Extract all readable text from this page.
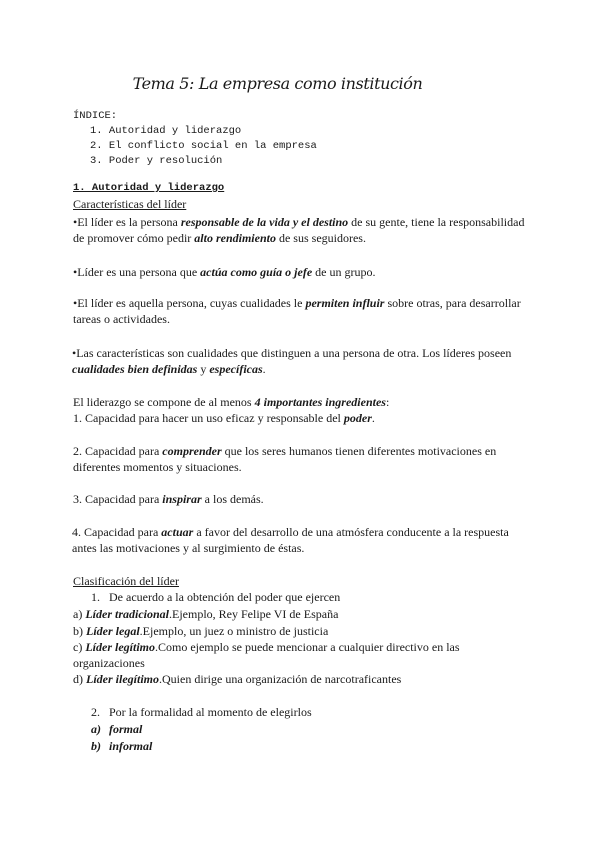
Tema 5: La empresa como institución
ÍNDICE:
1. Autoridad y liderazgo
2. El conflicto social en la empresa
3. Poder y resolución
1. Autoridad y liderazgo
Características del líder
•El líder es la persona responsable de la vida y el destino de su gente, tiene la responsabilidad de promover cómo pedir alto rendimiento de sus seguidores.
•Líder es una persona que actúa como guía o jefe de un grupo.
•El líder es aquella persona, cuyas cualidades le permiten influir sobre otras, para desarrollar tareas o actividades.
•Las características son cualidades que distinguen a una persona de otra. Los líderes poseen cualidades bien definidas y específicas.
El liderazgo se compone de al menos 4 importantes ingredientes:
1. Capacidad para hacer un uso eficaz y responsable del poder.
2. Capacidad para comprender que los seres humanos tienen diferentes motivaciones en diferentes momentos y situaciones.
3. Capacidad para inspirar a los demás.
4. Capacidad para actuar a favor del desarrollo de una atmósfera conducente a la respuesta antes las motivaciones y al surgimiento de éstas.
Clasificación del líder
1. De acuerdo a la obtención del poder que ejercen
a) Líder tradicional.Ejemplo, Rey Felipe VI de España
b) Líder legal.Ejemplo, un juez o ministro de justicia
c) Líder legítimo.Como ejemplo se puede mencionar a cualquier directivo en las organizaciones
d) Líder ilegítimo.Quien dirige una organización de narcotraficantes
2. Por la formalidad al momento de elegirlos
a) formal
b) informal
